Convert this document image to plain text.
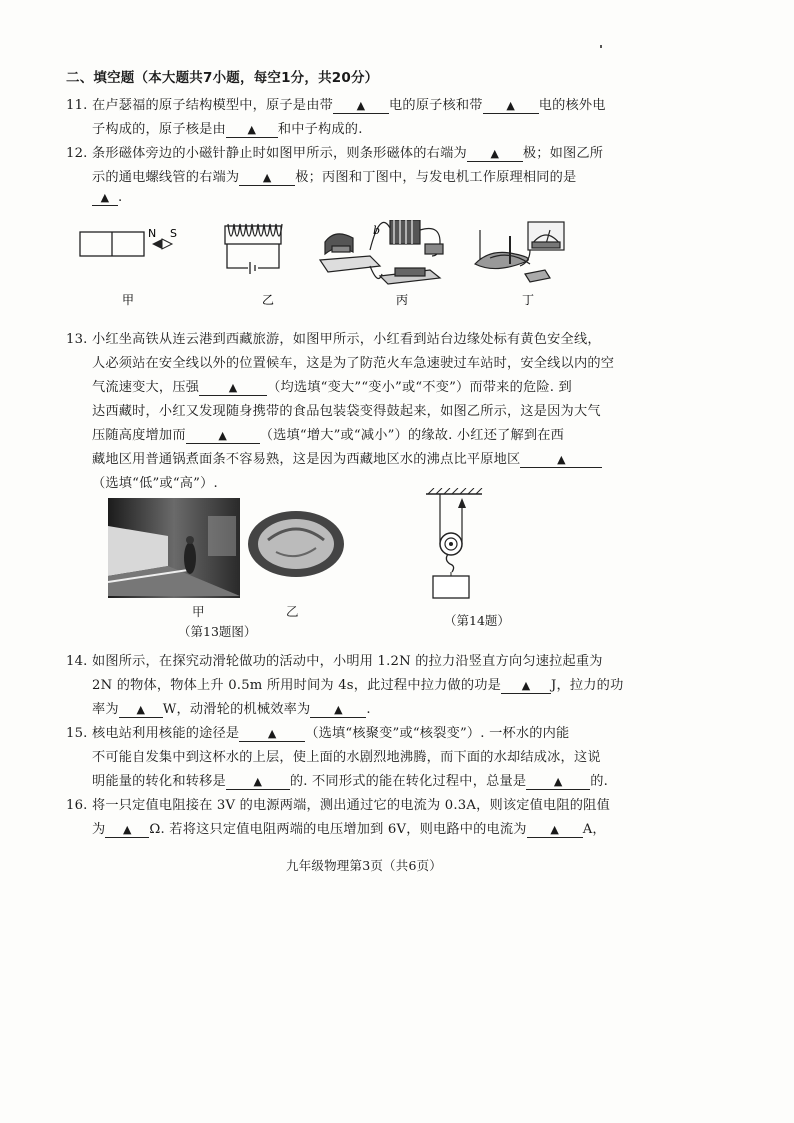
二、填空题（本大题共7小题，每空1分，共20分）
11. 在卢瑟福的原子结构模型中，原子是由带 ▲ 电的原子核和带 ▲ 电的核外电
子构成的，原子核是由 ▲ 和中子构成的.
12. 条形磁体旁边的小磁针静止时如图甲所示，则条形磁体的右端为 ▲ 极；如图乙所
示的通电螺线管的右端为 ▲ 极；丙图和丁图中，与发电机工作原理相同的是
▲ .
N S	b
甲	乙	丙	丁
13. 小红坐高铁从连云港到西藏旅游，如图甲所示，小红看到站台边缘处标有黄色安全线，
人必须站在安全线以外的位置候车，这是为了防范火车急速驶过车站时，安全线以内的空
气流速变大，压强	▲ （均选填“变大”“变小”或“不变”）而带来的危险. 到
达西藏时，小红又发现随身携带的食品包装袋变得鼓起来，如图乙所示，这是因为大气
压随高度增加而	▲ （选填“增大”或“减小”）的缘故. 小红还了解到在西
藏地区用普通锅煮面条不容易熟，这是因为西藏地区水的沸点比平原地区	▲
（选填“低”或“高”）.
甲	乙
（第13题图）
（第14题）
14. 如图所示，在探究动滑轮做功的活动中，小明用 1.2N 的拉力沿竖直方向匀速拉起重为
2N 的物体，物体上升 0.5m 所用时间为 4s，此过程中拉力做的功是 ▲ J，拉力的功
率为 ▲ W，动滑轮的机械效率为 ▲ .
15. 核电站利用核能的途径是	▲ （选填“核聚变”或“核裂变”）. 一杯水的内能
不可能自发集中到这杯水的上层，使上面的水剧烈地沸腾，而下面的水却结成冰，这说
明能量的转化和转移是	▲ 的. 不同形式的能在转化过程中，总量是	▲ 的.
16. 将一只定值电阻接在 3V 的电源两端，测出通过它的电流为 0.3A，则该定值电阻的阻值
为 ▲ Ω. 若将这只定值电阻两端的电压增加到 6V，则电路中的电流为 ▲ A，
九年级物理第3页（共6页）
